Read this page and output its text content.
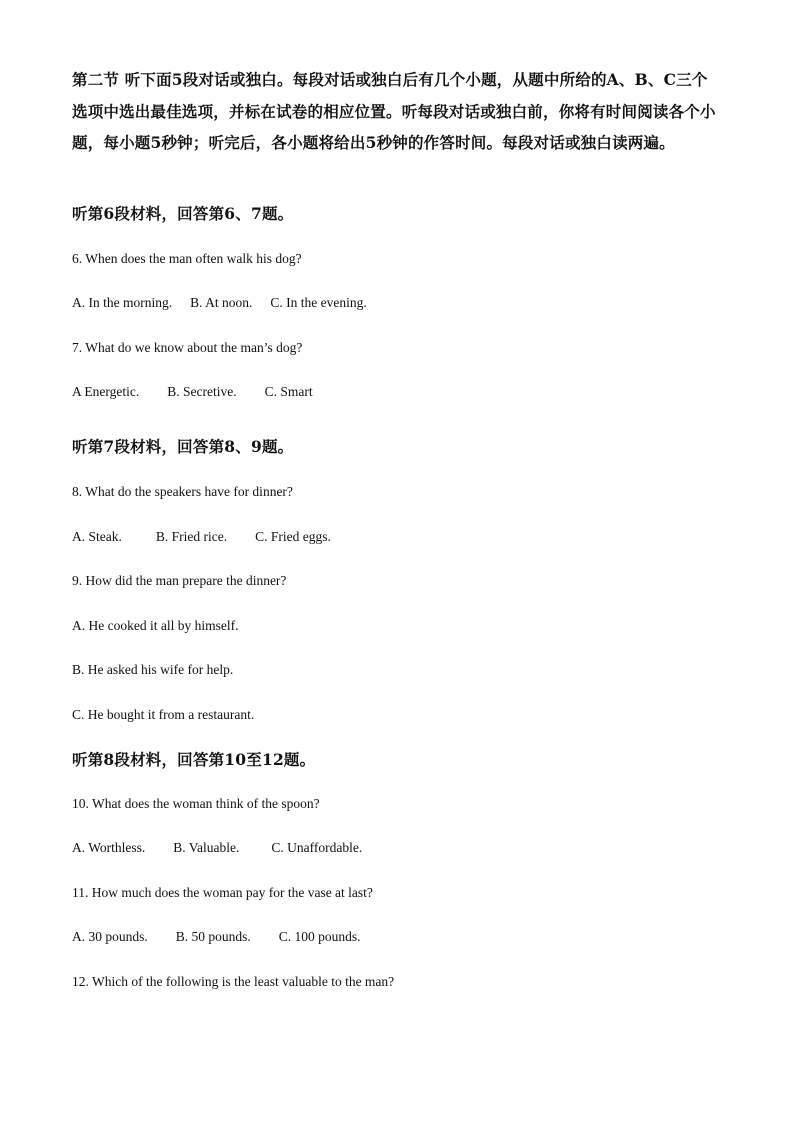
第二节 听下面5段对话或独白。每段对话或独白后有几个小题，从题中所给的A、B、C三个选项中选出最佳选项，并标在试卷的相应位置。听每段对话或独白前，你将有时间阅读各个小题，每小题5秒钟；听完后，各小题将给出5秒钟的作答时间。每段对话或独白读两遍。
听第6段材料，回答第6、7题。
6. When does the man often walk his dog?
A. In the morning. B. At noon. C. In the evening.
7. What do we know about the man’s dog?
A Energetic. B. Secretive. C. Smart
听第7段材料，回答第8、9题。
8. What do the speakers have for dinner?
A. Steak.	B. Fried rice. C. Fried eggs.
9. How did the man prepare the dinner?
A. He cooked it all by himself.
B. He asked his wife for help.
C. He bought it from a restaurant.
听第8段材料，回答第10至12题。
10. What does the woman think of the spoon?
A. Worthless. B. Valuable. C. Unaffordable.
11. How much does the woman pay for the vase at last?
A. 30 pounds. B. 50 pounds. C. 100 pounds.
12. Which of the following is the least valuable to the man?
